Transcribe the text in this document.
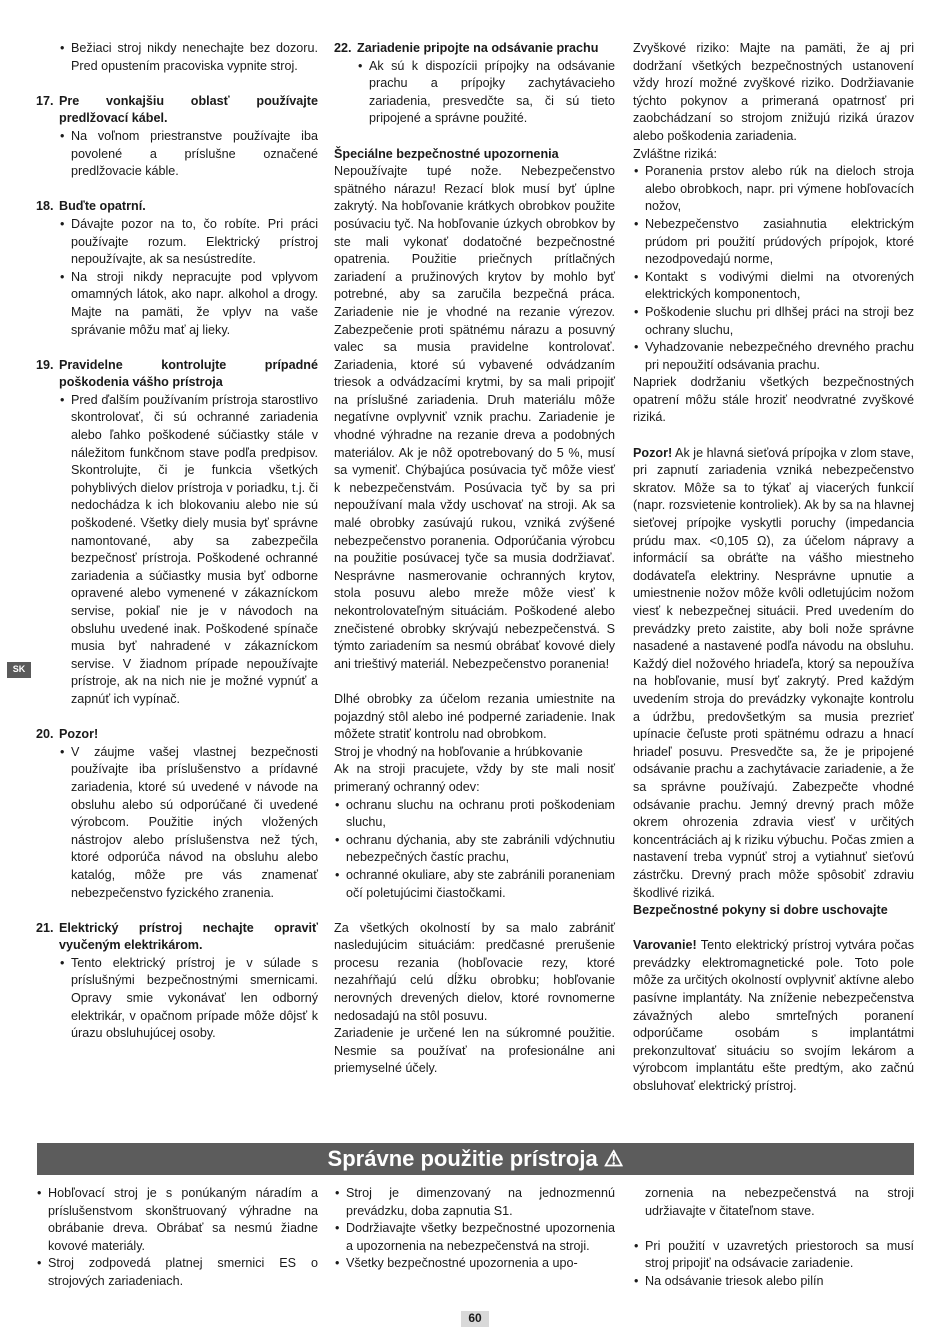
SK
• Bežiaci stroj nikdy nenechajte bez dozoru. Pred opustením pracoviska vypnite stroj.
17. Pre vonkajšiu oblasť používajte predlžovací kábel.
• Na voľnom priestranstve používajte iba povolené a príslušne označené predlžovacie káble.
18. Buďte opatrní.
• Dávajte pozor na to, čo robíte. Pri práci používajte rozum. Elektrický prístroj nepoužívajte, ak sa nesústredíte.
• Na stroji nikdy nepracujte pod vplyvom omamných látok, ako napr. alkohol a drogy. Majte na pamäti, že vplyv na vaše správanie môžu mať aj lieky.
19. Pravidelne kontrolujte prípadné poškodenia vášho prístroja
• Pred ďalším používaním prístroja starostlivo skontrolovať, či sú ochranné zariadenia alebo ľahko poškodené súčiastky stále v náležitom funkčnom stave podľa predpisov. Skontrolujte, či je funkcia všetkých pohyblivých dielov prístroja v poriadku, t.j. či nedochádza k ich blokovaniu alebo nie sú poškodené. Všetky diely musia byť správne namontované, aby sa zabezpečila bezpečnosť prístroja. Poškodené ochranné zariadenia a súčiastky musia byť odborne opravené alebo vymenené v zákazníckom servise, pokiaľ nie je v návodoch na obsluhu uvedené inak. Poškodené spínače musia byť nahradené v zákazníckom servise. V žiadnom prípade nepoužívajte prístroje, ak na nich nie je možné vypnúť a zapnúť ich vypínač.
20. Pozor!
• V záujme vašej vlastnej bezpečnosti používajte iba príslušenstvo a prídavné zariadenia, ktoré sú uvedené v návode na obsluhu alebo sú odporúčané či uvedené výrobcom. Použitie iných vložených nástrojov alebo príslušenstva než tých, ktoré odporúča návod na obsluhu alebo katalóg, môže pre vás znamenať nebezpečenstvo fyzického zranenia.
21. Elektrický prístroj nechajte opraviť vyučeným elektrikárom.
• Tento elektrický prístroj je v súlade s príslušnými bezpečnostnými smernicami. Opravy smie vykonávať len odborný elektrikár, v opačnom prípade môže dôjsť k úrazu obsluhujúcej osoby.
22. Zariadenie pripojte na odsávanie prachu
• Ak sú k dispozícii prípojky na odsávanie prachu a prípojky zachytávacieho zariadenia, presvedčte sa, či sú tieto pripojené a správne použité.

Špeciálne bezpečnostné upozornenia

Nepoužívajte tupé nože. Nebezpečenstvo spätného nárazu! Rezací blok musí byť úplne zakrytý. Na hobľovanie krátkych obrobkov použite posúvaciu tyč. Na hobľovanie úzkych obrobkov by ste mali vykonať dodatočné bezpečnostné opatrenia. Použitie priečnych prítlačných zariadení a pružinových krytov by mohlo byť potrebné, aby sa zaručila bezpečná práca. Zariadenie nie je vhodné na rezanie výrezov. Zabezpečenie proti spätnému nárazu a posuvný valec sa musia pravidelne kontrolovať. Zariadenia, ktoré sú vybavené odvádzaním triesok a odvádzacími krytmi, by sa mali pripojiť na príslušné zariadenia. Druh materiálu môže negatívne ovplyvniť vznik prachu. Zariadenie je vhodné výhradne na rezanie dreva a podobných materiálov. Ak je nôž opotrebovaný do 5 %, musí sa vymeniť. Chýbajúca posúvacia tyč môže viesť k nebezpečenstvám. Posúvacia tyč by sa pri nepoužívaní mala vždy uschovať na stroji. Ak sa malé obrobky zasúvajú rukou, vzniká zvýšené nebezpečenstvo poranenia. Odporúčania výrobcu na použitie posúvacej tyče sa musia dodržiavať. Nesprávne nasmerovanie ochranných krytov, stola posuvu alebo mreže môže viesť k nekontrolovateľným situáciám. Poškodené alebo znečistené obrobky skrývajú nebezpečenstvá. S týmto zariadením sa nesmú obrábať kovové diely ani trieštivý materiál. Nebezpečenstvo poranenia!

Dlhé obrobky za účelom rezania umiestnite na pojazdný stôl alebo iné podperné zariadenie. Inak môžete stratiť kontrolu nad obrobkom.

Stroj je vhodný na hobľovanie a hrúbkovanie

Ak na stroji pracujete, vždy by ste mali nosiť primeraný ochranný odev:

• ochranu sluchu na ochranu proti poškodeniam sluchu,
• ochranu dýchania, aby ste zabránili vdýchnutiu nebezpečných častíc prachu,
• ochranné okuliare, aby ste zabránili poraneniam očí poletujúcimi čiastočkami.

Za všetkých okolností by sa malo zabrániť nasledujúcim situáciám: predčasné prerušenie procesu rezania (hobľovacie rezy, ktoré nezahŕňajú celú dĺžku obrobku; hobľovanie nerovných drevených dielov, ktoré rovnomerne nedosadajú na stôl posuvu.

Zariadenie je určené len na súkromné použitie. Nesmie sa používať na profesionálne ani priemyselné účely.

Zvyškové riziko: Majte na pamäti, že aj pri dodržaní všetkých bezpečnostných ustanovení vždy hrozí možné zvyškové riziko. Dodržiavanie týchto pokynov a primeraná opatrnosť pri zaobchádzaní so strojom znižujú riziká úrazov alebo poškodenia zariadenia.

Zvláštne riziká:

• Poranenia prstov alebo rúk na dieloch stroja alebo obrobkoch, napr. pri výmene hobľovacích nožov,
• Nebezpečenstvo zasiahnutia elektrickým prúdom pri použití prúdových prípojok, ktoré nezodpovedajú norme,
• Kontakt s vodivými dielmi na otvorených elektrických komponentoch,
• Poškodenie sluchu pri dlhšej práci na stroji bez ochrany sluchu,
• Vyhadzovanie nebezpečného drevného prachu pri nepoužití odsávania prachu.

Napriek dodržaniu všetkých bezpečnostných opatrení môžu stále hroziť neodvratné zvyškové riziká.

Pozor! Ak je hlavná sieťová prípojka v zlom stave, pri zapnutí zariadenia vzniká nebezpečenstvo skratov. Môže sa to týkať aj viacerých funkcií (napr. rozsvietenie kontroliek). Ak by sa na hlavnej sieťovej prípojke vyskytli poruchy (impedancia prúdu max. <0,105 Ω), za účelom nápravy a informácií sa obráťte na vášho miestneho dodávateľa elektriny. Nesprávne upnutie a umiestnenie nožov môže kvôli odletujúcim nožom viesť k nebezpečnej situácii. Pred uvedením do prevádzky preto zaistite, aby boli nože správne nasadené a nastavené podľa návodu na obsluhu. Každý diel nožového hriadeľa, ktorý sa nepoužíva na hobľovanie, musí byť zakrytý. Pred každým uvedením stroja do prevádzky vykonajte kontrolu a údržbu, predovšetkým sa musia prezrieť upínacie čeľuste proti spätnému odrazu a hnací hriadeľ posuvu. Presvedčte sa, že je pripojené odsávanie prachu a zachytávacie zariadenie, a že sa správne používajú. Zabezpečte vhodné odsávanie prachu. Jemný drevný prach môže okrem ohrozenia zdravia viesť v určitých koncentráciách aj k riziku výbuchu. Počas zmien a nastavení treba vypnúť stroj a vytiahnuť sieťovú zástrčku. Drevný prach môže spôsobiť zdraviu škodlivé riziká.

Bezpečnostné pokyny si dobre uschovajte

Varovanie! Tento elektrický prístroj vytvára počas prevádzky elektromagnetické pole. Toto pole môže za určitých okolností ovplyvniť aktívne alebo pasívne implantáty. Na zníženie nebezpečenstva závažných alebo smrteľných poranení odporúčame osobám s implantátmi prekonzultovať situáciu so svojím lekárom a výrobcom implantátu ešte predtým, ako začnú obsluhovať elektrický prístroj.

Správne použitie prístroja ⚠
• Hobľovací stroj je s ponúkaným náradím a príslušenstvom skonštruovaný výhradne na obrábanie dreva. Obrábať sa nesmú žiadne kovové materiály.
• Stroj zodpovedá platnej smernici ES o strojových zariadeniach.
• Stroj je dimenzovaný na jednozmennú prevádzku, doba zapnutia S1.
• Dodržiavajte všetky bezpečnostné upozornenia a upozornenia na nebezpečenstvá na stroji.
• Všetky bezpečnostné upozornenia a upo-

zornenia na nebezpečenstvá na stroji udržiavajte v čitateľnom stave.

• Pri použití v uzavretých priestoroch sa musí stroj pripojiť na odsávacie zariadenie.
• Na odsávanie triesok alebo pilín
60
